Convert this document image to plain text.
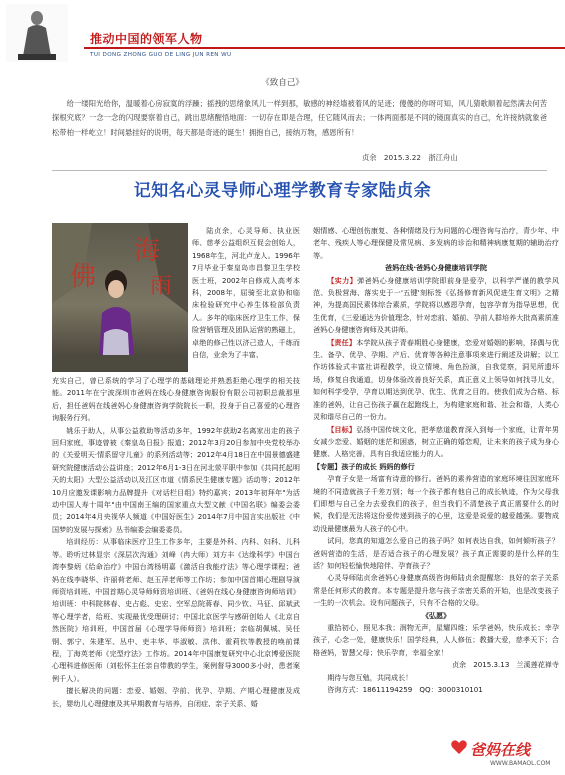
推动中国的领军人物
TUI DONG ZHONG GUO DE LING JUN REN WU
《致自己》
给一缕阳光给你，温暖着心房寂寞的浮躁；摇拽的思绪象风儿一样到那，敏感的神经墙被着风的足迹；傻傻的你呀可知，风儿猜歌顺着起然满去何苦探根究底？一念一念的闪现要察着自己，跳出思绪醒悟地面：一切存在即是合理，任它随风而去；一体两面那是不同的镜面真实的自己，允许接纳就象爸松带柏一样屹立！时间悬挂好的说明，每天都是奇迹的诞生！拥抱自己，接纳万物，感恩所有！
贞余　2015.3.22　浙江舟山
记知名心灵导师心理学教育专家陆贞余
佛
海
雨

陆贞余，心灵导师、执业医师、慈孝公益组织互促会创始人，1968年生，河北卢龙人。1996年7月毕业于秦皇岛市昌黎卫生学校医士班，2002年自修成人高考本科，2008年，屈骑至北京协和临床检验研究中心养生体检部负责人。多年的临床医疗卫生工作，保险营销管理及团队运营的熟磁上，卓绝的修己性以济己造人，千练而自信，业余为了丰富、

充实自己，曾已系统的学习了心理学的基础理论并熟悉拒绝心理学的相关技能。2011年在宁波深圳市爸妈在线心身健康咨询服份有限公司初职总裁那里后，担任爸妈在线爸妈心身健康咨询学院院长一职，投身于自己喜爱的心理咨询服务行列。

姚乐于助人，从事公益救助等活动多年，1992年获助2名离家出走的孩子回归家庭，事迹曾被《秦皇岛日报》报道；2012年3月20日参加中央党校举办的《关爱明天·情系留守儿童》的系列活动等；2012年4月18日在中国景德盛建研究院健康活动公益讲座；2012年6月1-3日在河北荥平职中参加《共同托起明天的太阳》大型公益活动以及江区市道《情系民生健康专题》活动等；2012年10月应邀发课影响力品牌提升《对话栏目组》特约嘉宾；2013年初拜年"为活动中国人寿十周年"由中国南王编的国家重点大型文献《中国名联》编委会委员；2014年4月央视华人频道《中国好医生》2014年7月中国言实出版社《中国梦的发展与探索》丛书编委会编委委员。

培训经历：从事临床医疗卫生工作多年，主要是外科、内科、妇科、儿科等。聆听过林显宗《深层次沟通》刘峰（冉大师）刘方丰《达缘科学》中国台湾李黎炳《给命治疗》中国台湾杨明嘉《激活自我能疗法》等心理学课程；爸妈在线李晓华、许丽荷老师、赵玉萍老师等工作坊；参加中国首期心理剧导演师资培训班、中国首期心灵导师师资培训班、《爸妈在线心身健康咨询师培训》培训班：中科院林春、史占彪、史宏、空军总院蒋春、同少钦、马征、邱斌武等心理学者，给班、实现最优受理研讨；中国北京医学与感研创始人《北京自然医院》培训班，中国首届《心理学导师师资》培训班；亲临胡佩城、吴任钢、郭宁、朱建军、丛中、吏丰华、毕淑敏、洪伟、霍莉钦等教授的唤前课程，丁海英老师《完型疗法》工作坊。2014年中国康复研究中心北京博爱医院心理科进修医师（刘松怀主任亲自带教的学生，案例督导3000多小时，患者案例千人）。

擅长解决的问题：恋爱、婚姻、孕前、优孕、孕期、产期心理健康及成长，婴幼儿心理健康及其早期教育与培养，自闭症、亲子关系、婚

姻情感、心理创伤康复、各种情绪及行为问题的心理咨询与治疗，青少年、中老年、残疾人等心理保健及常见病、多发病的诊治和精神病康复期的辅助治疗等。

爸妈在线·爸妈心身健康培训学院

【实力】弹爸妈心身健康培训学院即前身是爱孕，以科学严谨的教学风范、负极营海、落实史于一'五键'刻标签《弘扬修育新风促进生育文明》之精神，为提高国民素体综合素质，学院将以感恩孕育，包容孕育为指导思想，优生优育，《三爱通达为价值理念，针对恋前、婚前、孕前人群培养大批高素质准爸妈心身健康咨询师及其讲师。

【责任】本学院从孩子青春期胜心身健康，恋爱对婚姻的影响，择偶与优生、备孕、优孕、孕期、产后、优育等各种注意事项来进行阐述及讲解；以工作坊体验式丰富社讲程教学，设立情境、角色扮演，自我觉察，洞见所遗坏场，修复自我通道，切身体验改善良好关系，真正意义上领导如何找寻儿女，如何科学受孕，孕育以期达到优孕、优生、优育之目的。使我们成为合格、标准的爸妈，让自己伤孩子赢在起跑线上，为构建家庭和谐、社会和谐，人类心灵和谐尽自己的一份力。

【目标】弘扬中国传统文化，把孝慈道教育深入到每一个家庭，让青年男女减少恋爱、婚姻的迷茫和困惑，树立正确的婚恋观，让未来的孩子成为身心健康、人格完善，具有自我适应能力的人。

【专题】孩子的成长 妈妈的修行

孕育子女是一场富有诗意的修行。爸妈的素养营造的家庭环境往因家庭环境的不同造就孩子千差万别；每一个孩子都有他自己的成长轨迹，作为父母我们即想与自己全力去爱我们的孩子，但当我们不清楚孩子真正需要什么的时候，我们是无法将这份爱传递到孩子的心里，这爱是说爱的越爱越强。要物成动没最健康最为人孩子的心中。

试问，您真的知道怎么爱自己的孩子吗？如何表达自我，如何倾听孩子？爸妈营造的生活，是否适合孩子的心理发展？孩子真正需要的是什么样的生活？如何轻松愉快地陪伴、孕育孩子？

心灵导师陆贞余爸妈心身健康高级咨询师陆贞余提醒您：良好的亲子关系常是任何形式的教育。本专题是提升您与孩子亲密关系的开始，也是改变孩子一生的一次机会。设有问题孩子，只有不合格的父母。

《弘愿》

重拾初心，照见本我；润物无声，星耀四维；乐学爸妈，快乐成长；幸孕孩子，心念一处，健康快乐！国学经典，人人修伍；教播大爱，慈孝天下；合格爸妈，智慧父母；快乐孕育，幸福全家！

贞余　2015.3.13　兰溪莲花禅寺

期待与您互勉，共同成长！

咨询方式：18611194259　QQ：3000310101

爸妈在线
WWW.BAMAOL.COM
